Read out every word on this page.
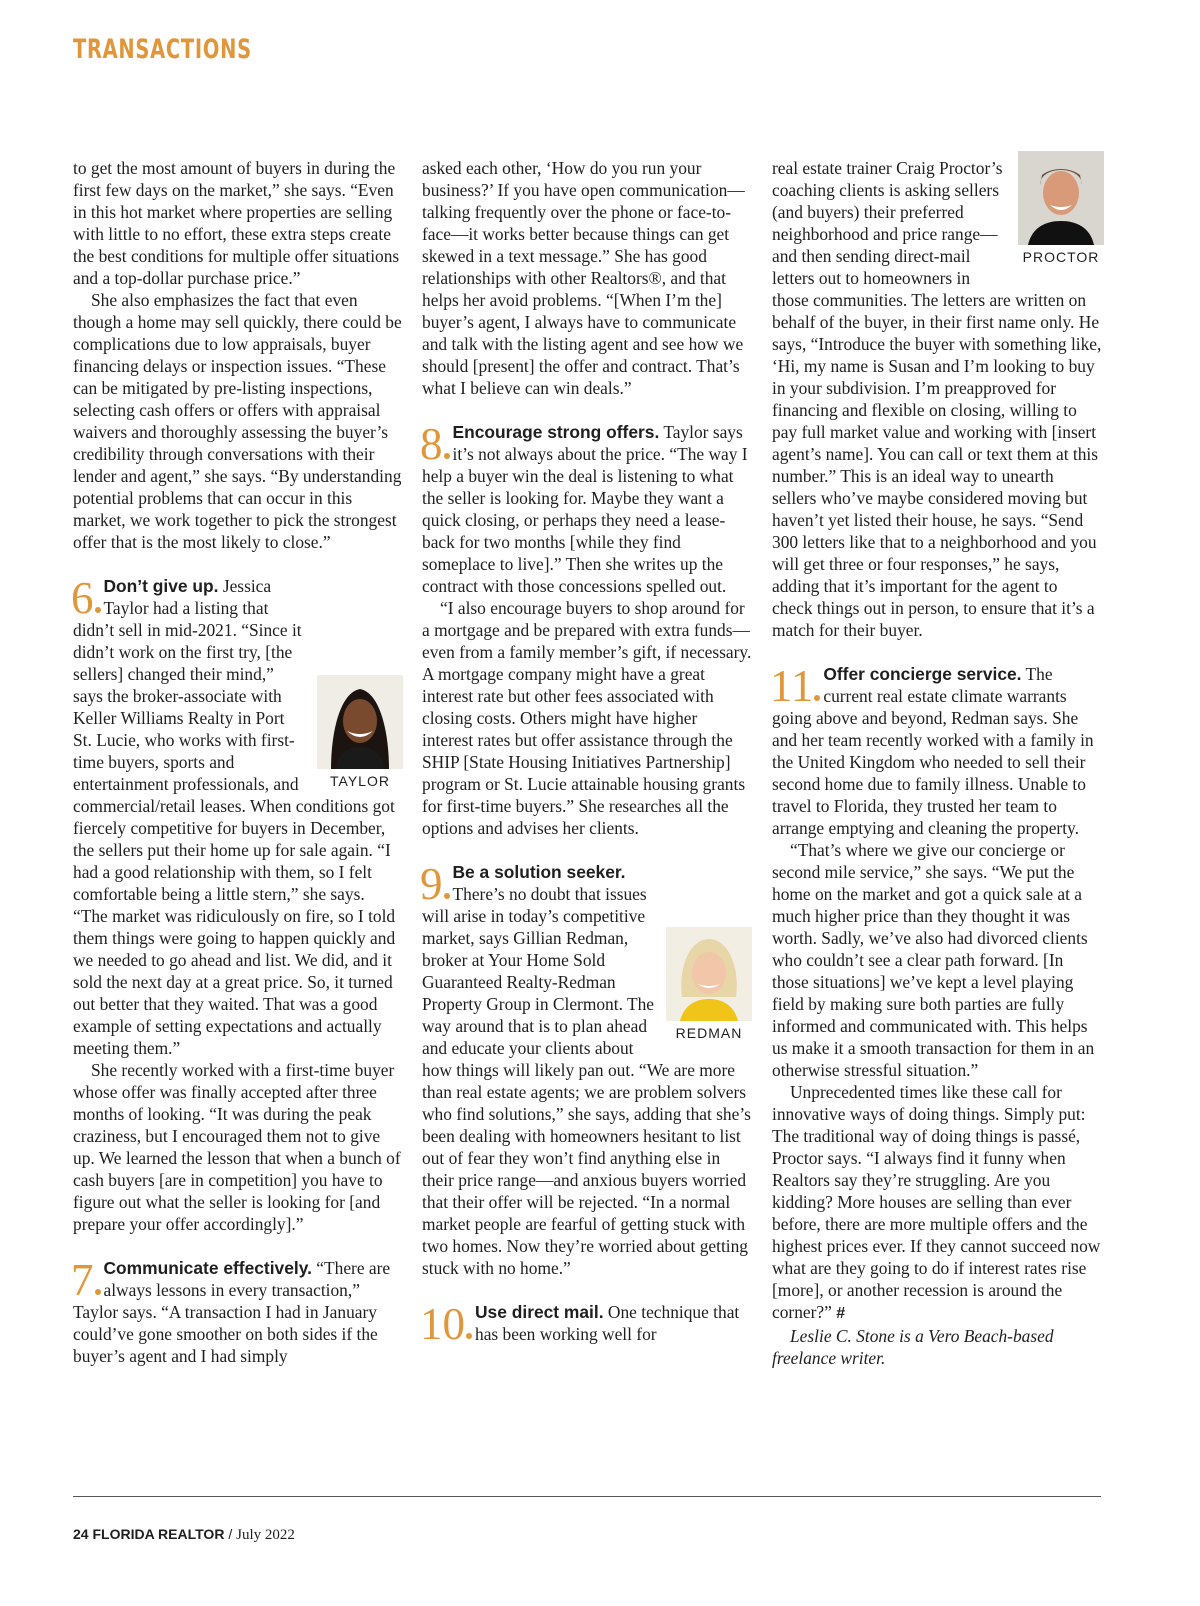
TRANSACTIONS

to get the most amount of buyers in during the first few days on the market,” she says. “Even in this hot market where properties are selling with little to no effort, these extra steps create the best conditions for multiple offer situations and a top-dollar purchase price.”

She also emphasizes the fact that even though a home may sell quickly, there could be complications due to low appraisals, buyer financing delays or inspection issues. “These can be mitigated by pre-listing inspections, selecting cash offers or offers with appraisal waivers and thoroughly assessing the buyer’s credibility through conversations with their lender and agent,” she says. “By understanding potential problems that can occur in this market, we work together to pick the strongest offer that is the most likely to close.”

6 Don’t give up.
TAYLOR
Jessica Taylor had a listing that didn’t sell in mid-2021. “Since it didn’t work on the first try, [the sellers] changed their mind,” says the broker-associate with Keller Williams Realty in Port St. Lucie, who works with first-time buyers, sports and entertainment professionals, and commercial/retail leases. When conditions got fiercely competitive for buyers in December, the sellers put their home up for sale again. “I had a good relationship with them, so I felt comfortable being a little stern,” she says. “The market was ridiculously on fire, so I told them things were going to happen quickly and we needed to go ahead and list. We did, and it sold the next day at a great price. So, it turned out better that they waited. That was a good example of setting expectations and actually meeting them.”

She recently worked with a first-time buyer whose offer was finally accepted after three months of looking. “It was during the peak craziness, but I encouraged them not to give up. We learned the lesson that when a bunch of cash buyers [are in competition] you have to figure out what the seller is looking for [and prepare your offer accordingly].”

7 Communicate effectively. “There are always lessons in every transaction,” Taylor says. “A transaction I had in January could’ve gone smoother on both sides if the buyer’s agent and I had simply

asked each other, ‘How do you run your business?’ If you have open communication—talking frequently over the phone or face-to-face—it works better because things can get skewed in a text message.” She has good relationships with other Realtors®, and that helps her avoid problems. “[When I’m the] buyer’s agent, I always have to communicate and talk with the listing agent and see how we should [present] the offer and contract. That’s what I believe can win deals.”

8 Encourage strong offers. Taylor says it’s not always about the price. “The way I help a buyer win the deal is listening to what the seller is looking for. Maybe they want a quick closing, or perhaps they need a lease-back for two months [while they find someplace to live].” Then she writes up the contract with those concessions spelled out.

“I also encourage buyers to shop around for a mortgage and be prepared with extra funds—even from a family member’s gift, if necessary. A mortgage company might have a great interest rate but other fees associated with closing costs. Others might have higher interest rates but offer assistance through the SHIP [State Housing Initiatives Partnership] program or St. Lucie attainable housing grants for first-time buyers.” She researches all the options and advises her clients.

9 Be a solution seeker.
REDMAN
There’s no doubt that issues will arise in today’s competitive market, says Gillian Redman, broker at Your Home Sold Guaranteed Realty-Redman Property Group in Clermont. The way around that is to plan ahead and educate your clients about how things will likely pan out. “We are more than real estate agents; we are problem solvers who find solutions,” she says, adding that she’s been dealing with homeowners hesitant to list out of fear they won’t find anything else in their price range—and anxious buyers worried that their offer will be rejected. “In a normal market people are fearful of getting stuck with two homes. Now they’re worried about getting stuck with no home.”
10 Use direct mail. One technique that has been working well for
PROCTOR

real estate trainer Craig Proctor’s coaching clients is asking sellers (and buyers) their preferred neighborhood and price range—and then sending direct-mail letters out to homeowners in those communities. The letters are written on behalf of the buyer, in their first name only. He says, “Introduce the buyer with something like, ‘Hi, my name is Susan and I’m looking to buy in your subdivision. I’m preapproved for financing and flexible on closing, willing to pay full market value and working with [insert agent’s name]. You can call or text them at this number.” This is an ideal way to unearth sellers who’ve maybe considered moving but haven’t yet listed their house, he says. “Send 300 letters like that to a neighborhood and you will get three or four responses,” he says, adding that it’s important for the agent to check things out in person, to ensure that it’s a match for their buyer.

11 Offer concierge service. The current real estate climate warrants going above and beyond, Redman says. She and her team recently worked with a family in the United Kingdom who needed to sell their second home due to family illness. Unable to travel to Florida, they trusted her team to arrange emptying and cleaning the property.

“That’s where we give our concierge or second mile service,” she says. “We put the home on the market and got a quick sale at a much higher price than they thought it was worth. Sadly, we’ve also had divorced clients who couldn’t see a clear path forward. [In those situations] we’ve kept a level playing field by making sure both parties are fully informed and communicated with. This helps us make it a smooth transaction for them in an otherwise stressful situation.”

Unprecedented times like these call for innovative ways of doing things. Simply put: The traditional way of doing things is passé, Proctor says. “I always find it funny when Realtors say they’re struggling. Are you kidding? More houses are selling than ever before, there are more multiple offers and the highest prices ever. If they cannot succeed now what are they going to do if interest rates rise [more], or another recession is around the corner?” #

Leslie C. Stone is a Vero Beach-based freelance writer.

24 FLORIDA REALTOR / July 2022
